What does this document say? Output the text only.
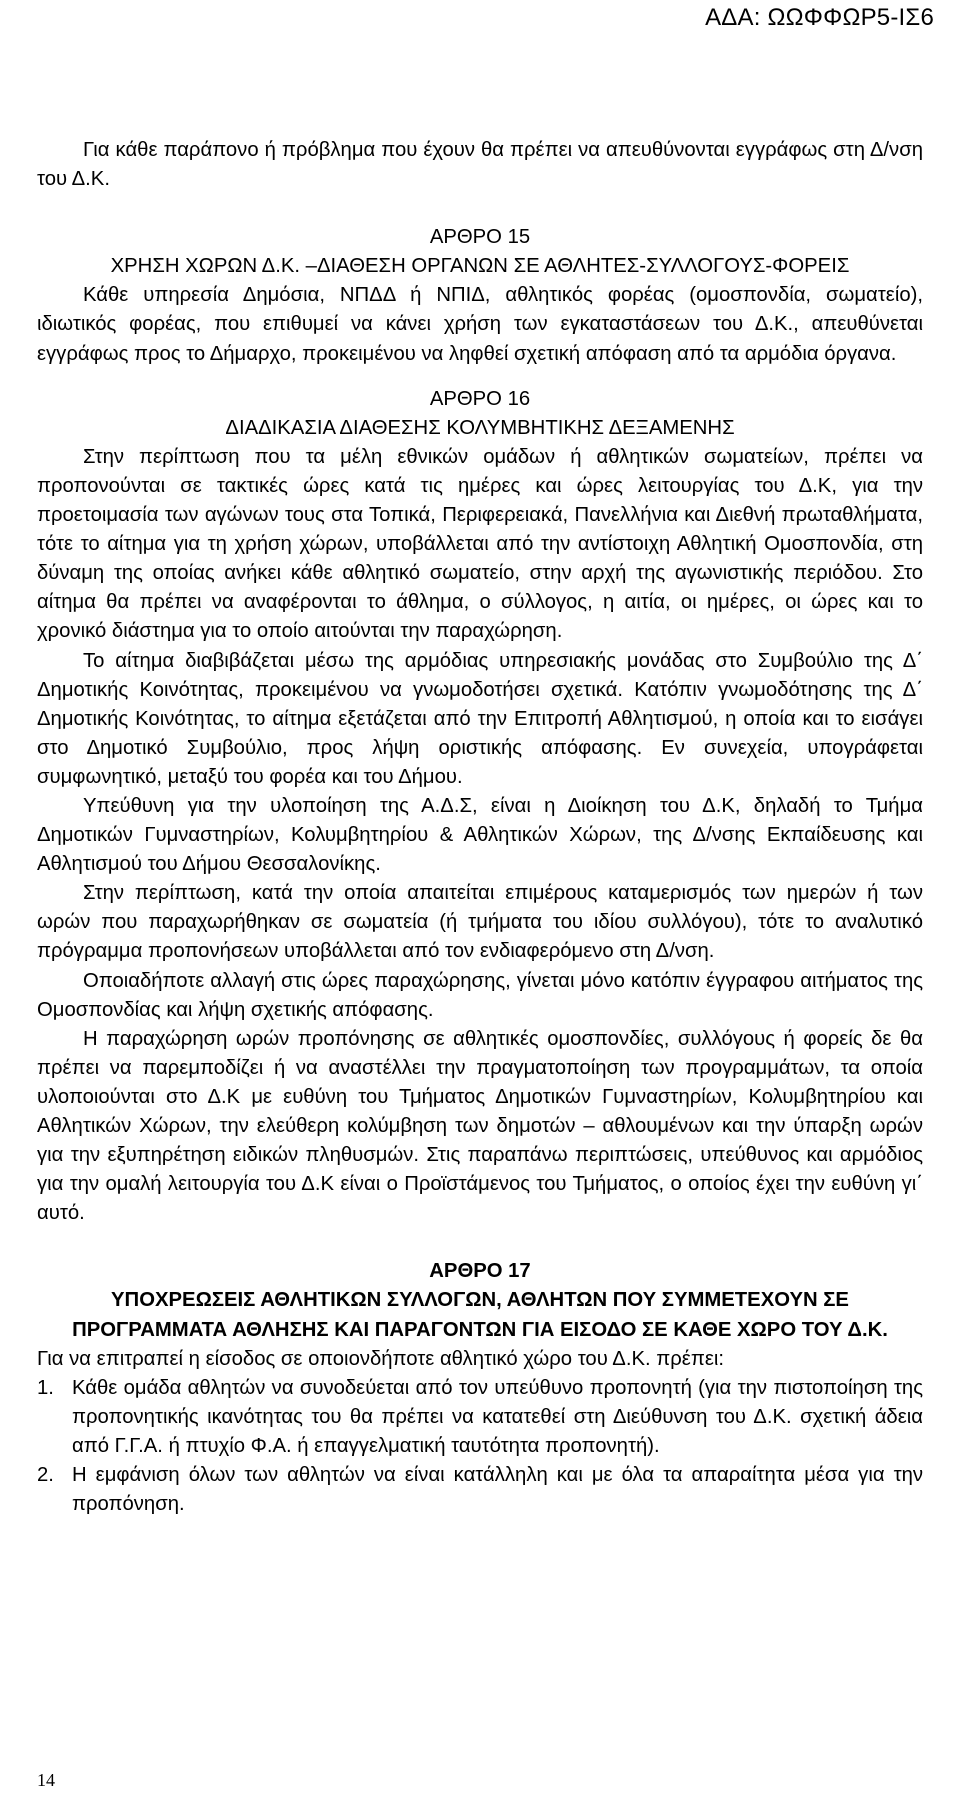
ΑΔΑ: ΩΩΦΦΩΡ5-ΙΣ6

Για κάθε παράπονο ή πρόβλημα που έχουν θα πρέπει να απευθύνονται εγγράφως στη Δ/νση του Δ.Κ.

ΑΡΘΡΟ 15

ΧΡΗΣΗ ΧΩΡΩΝ Δ.Κ. –ΔΙΑΘΕΣΗ ΟΡΓΑΝΩΝ ΣΕ ΑΘΛΗΤΕΣ-ΣΥΛΛΟΓΟΥΣ-ΦΟΡΕΙΣ

Κάθε υπηρεσία Δημόσια, ΝΠΔΔ ή ΝΠΙΔ, αθλητικός φορέας (ομοσπονδία, σωματείο), ιδιωτικός φορέας, που επιθυμεί να κάνει χρήση των εγκαταστάσεων του Δ.Κ., απευθύνεται εγγράφως προς το Δήμαρχο, προκειμένου να ληφθεί σχετική απόφαση από τα αρμόδια όργανα.

ΑΡΘΡΟ 16

ΔΙΑΔΙΚΑΣΙΑ ΔΙΑΘΕΣΗΣ ΚΟΛΥΜΒΗΤΙΚΗΣ ΔΕΞΑΜΕΝΗΣ

Στην περίπτωση που τα μέλη εθνικών ομάδων ή αθλητικών σωματείων, πρέπει να προπονούνται σε τακτικές ώρες κατά τις ημέρες και ώρες λειτουργίας του Δ.Κ, για την προετοιμασία των αγώνων τους στα Τοπικά, Περιφερειακά, Πανελλήνια και Διεθνή πρωταθλήματα, τότε το αίτημα για τη χρήση χώρων, υποβάλλεται από την αντίστοιχη Αθλητική Ομοσπονδία, στη δύναμη της οποίας ανήκει κάθε αθλητικό σωματείο, στην αρχή της αγωνιστικής περιόδου. Στο αίτημα θα πρέπει να αναφέρονται το άθλημα, ο σύλλογος, η αιτία, οι ημέρες, οι ώρες και το χρονικό διάστημα για το οποίο αιτούνται την παραχώρηση.

Το αίτημα διαβιβάζεται μέσω της αρμόδιας υπηρεσιακής μονάδας στο Συμβούλιο της Δ΄ Δημοτικής Κοινότητας, προκειμένου να γνωμοδοτήσει σχετικά. Κατόπιν γνωμοδότησης της Δ΄ Δημοτικής Κοινότητας, το αίτημα εξετάζεται από την Επιτροπή Αθλητισμού, η οποία και το εισάγει στο Δημοτικό Συμβούλιο, προς λήψη οριστικής απόφασης. Εν συνεχεία, υπογράφεται συμφωνητικό, μεταξύ του φορέα και του Δήμου.

Υπεύθυνη για την υλοποίηση της Α.Δ.Σ, είναι η Διοίκηση του Δ.Κ, δηλαδή το Τμήμα Δημοτικών Γυμναστηρίων, Κολυμβητηρίου & Αθλητικών Χώρων, της Δ/νσης Εκπαίδευσης και Αθλητισμού του Δήμου Θεσσαλονίκης.

Στην περίπτωση, κατά την οποία απαιτείται επιμέρους καταμερισμός των ημερών ή των ωρών που παραχωρήθηκαν σε σωματεία (ή τμήματα του ιδίου συλλόγου), τότε το αναλυτικό πρόγραμμα προπονήσεων υποβάλλεται από τον ενδιαφερόμενο στη Δ/νση.

Οποιαδήποτε αλλαγή στις ώρες παραχώρησης, γίνεται μόνο κατόπιν έγγραφου αιτήματος της Ομοσπονδίας και λήψη σχετικής απόφασης.

Η παραχώρηση ωρών προπόνησης σε αθλητικές ομοσπονδίες, συλλόγους ή φορείς δε θα πρέπει να παρεμποδίζει ή να αναστέλλει την πραγματοποίηση των προγραμμάτων, τα οποία υλοποιούνται στο Δ.Κ με ευθύνη του Τμήματος Δημοτικών Γυμναστηρίων, Κολυμβητηρίου και Αθλητικών Χώρων, την ελεύθερη κολύμβηση των δημοτών – αθλουμένων και την ύπαρξη ωρών για την εξυπηρέτηση ειδικών πληθυσμών. Στις παραπάνω περιπτώσεις, υπεύθυνος και αρμόδιος για την ομαλή λειτουργία του Δ.Κ είναι ο Προϊστάμενος του Τμήματος, ο οποίος έχει την ευθύνη γι΄ αυτό.

ΑΡΘΡΟ 17

ΥΠΟΧΡΕΩΣΕΙΣ ΑΘΛΗΤΙΚΩΝ ΣΥΛΛΟΓΩΝ, ΑΘΛΗΤΩΝ ΠΟΥ ΣΥΜΜΕΤΕΧΟΥΝ ΣΕ ΠΡΟΓΡΑΜΜΑΤΑ ΑΘΛΗΣΗΣ ΚΑΙ ΠΑΡΑΓΟΝΤΩΝ ΓΙΑ ΕΙΣΟΔΟ ΣΕ ΚΑΘΕ ΧΩΡΟ ΤΟΥ Δ.Κ.

Για να επιτραπεί η είσοδος σε οποιονδήποτε αθλητικό χώρο του Δ.Κ. πρέπει:

1. Κάθε ομάδα αθλητών να συνοδεύεται από τον υπεύθυνο προπονητή (για την πιστοποίηση της προπονητικής ικανότητας του θα πρέπει να κατατεθεί στη Διεύθυνση του Δ.Κ. σχετική άδεια από Γ.Γ.Α. ή πτυχίο Φ.Α. ή επαγγελματική ταυτότητα προπονητή).
2. Η εμφάνιση όλων των αθλητών να είναι κατάλληλη και με όλα τα απαραίτητα μέσα για την προπόνηση.
14
